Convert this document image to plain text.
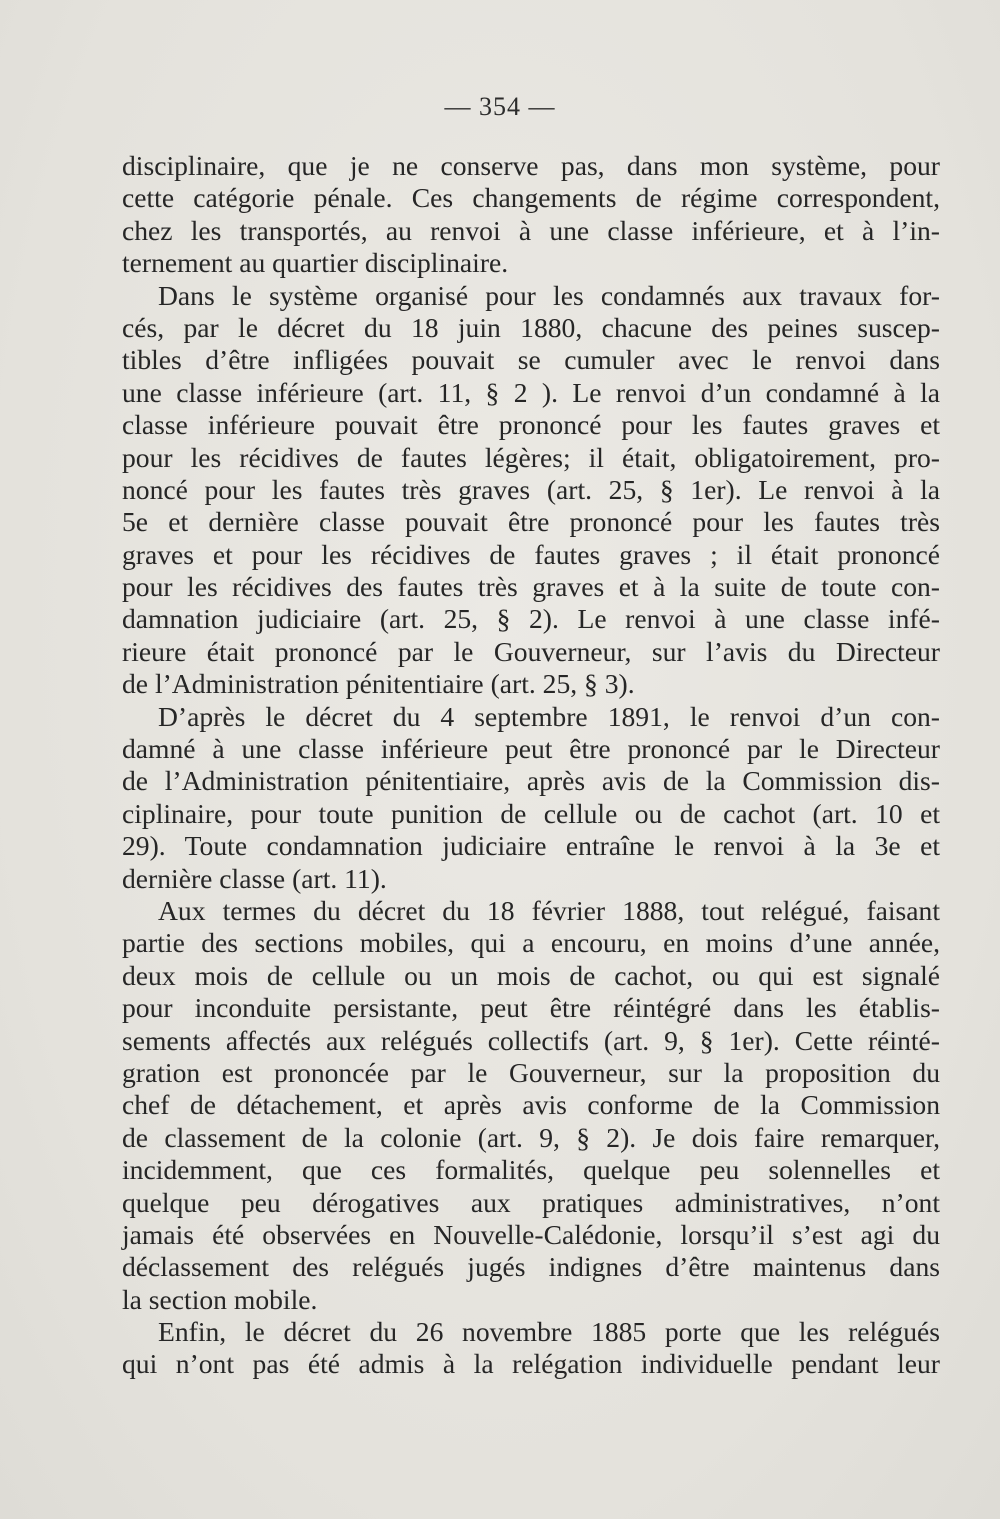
— 354 —

disciplinaire, que je ne conserve pas, dans mon système, pour
cette catégorie pénale. Ces changements de régime correspondent,
chez les transportés, au renvoi à une classe inférieure, et à l’in-
ternement au quartier disciplinaire.

Dans le système organisé pour les condamnés aux travaux for-
cés, par le décret du 18 juin 1880, chacune des peines suscep-
tibles d’être infligées pouvait se cumuler avec le renvoi dans
une classe inférieure (art. 11, § 2 ). Le renvoi d’un condamné à la
classe inférieure pouvait être prononcé pour les fautes graves et
pour les récidives de fautes légères; il était, obligatoirement, pro-
noncé pour les fautes très graves (art. 25, § 1er). Le renvoi à la
5e et dernière classe pouvait être prononcé pour les fautes très
graves et pour les récidives de fautes graves ; il était prononcé
pour les récidives des fautes très graves et à la suite de toute con-
damnation judiciaire (art. 25, § 2). Le renvoi à une classe infé-
rieure était prononcé par le Gouverneur, sur l’avis du Directeur
de l’Administration pénitentiaire (art. 25, § 3).

D’après le décret du 4 septembre 1891, le renvoi d’un con-
damné à une classe inférieure peut être prononcé par le Directeur
de l’Administration pénitentiaire, après avis de la Commission dis-
ciplinaire, pour toute punition de cellule ou de cachot (art. 10 et
29). Toute condamnation judiciaire entraîne le renvoi à la 3e et
dernière classe (art. 11).

Aux termes du décret du 18 février 1888, tout relégué, faisant
partie des sections mobiles, qui a encouru, en moins d’une année,
deux mois de cellule ou un mois de cachot, ou qui est signalé
pour inconduite persistante, peut être réintégré dans les établis-
sements affectés aux relégués collectifs (art. 9, § 1er). Cette réinté-
gration est prononcée par le Gouverneur, sur la proposition du
chef de détachement, et après avis conforme de la Commission
de classement de la colonie (art. 9, § 2). Je dois faire remarquer,
incidemment, que ces formalités, quelque peu solennelles et
quelque peu dérogatives aux pratiques administratives, n’ont
jamais été observées en Nouvelle-Calédonie, lorsqu’il s’est agi du
déclassement des relégués jugés indignes d’être maintenus dans
la section mobile.

Enfin, le décret du 26 novembre 1885 porte que les relégués
qui n’ont pas été admis à la relégation individuelle pendant leur
